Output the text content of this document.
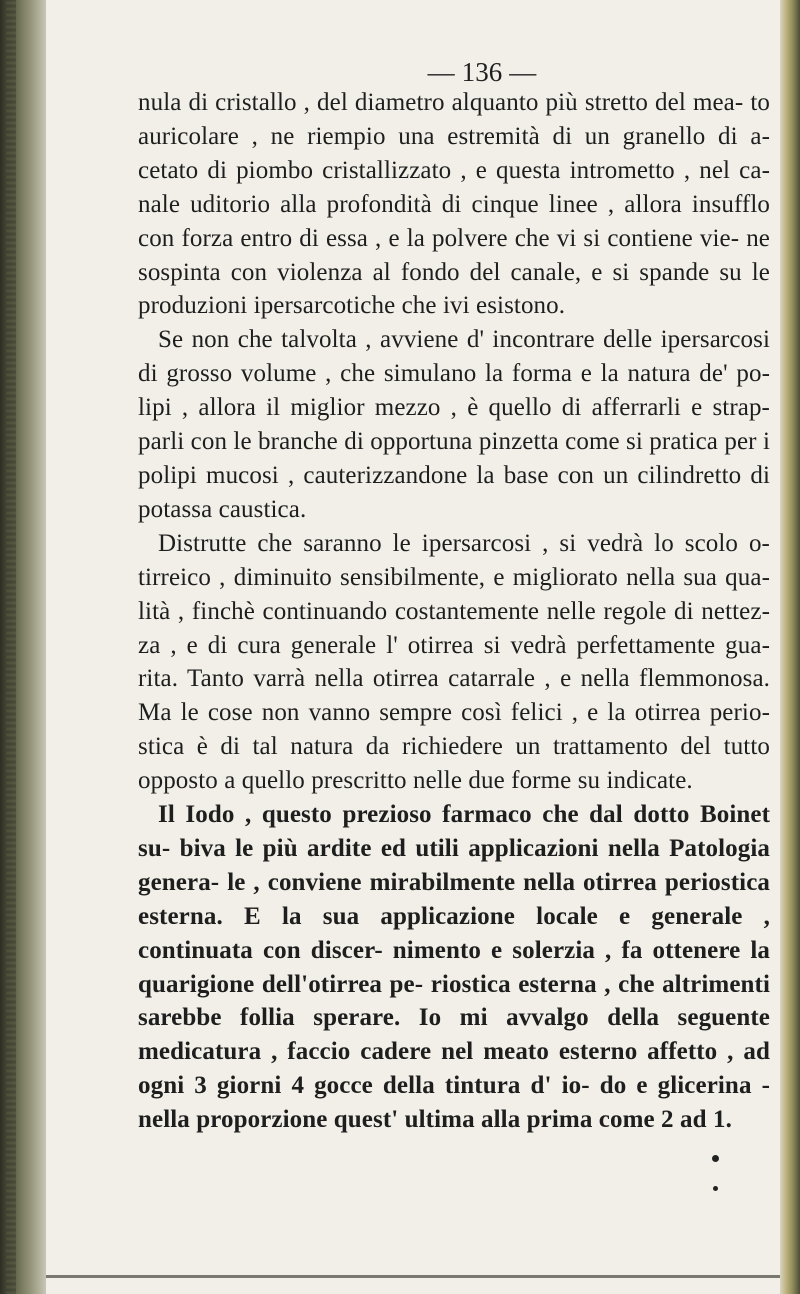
— 136 —

nula di cristallo , del diametro alquanto più stretto del mea- to auricolare , ne riempio una estremità di un granello di a- cetato di piombo cristallizzato , e questa intrometto , nel ca- nale uditorio alla profondità di cinque linee , allora insufflo con forza entro di essa , e la polvere che vi si contiene vie- ne sospinta con violenza al fondo del canale, e si spande su le produzioni ipersarcotiche che ivi esistono.

Se non che talvolta , avviene d' incontrare delle ipersarcosi di grosso volume , che simulano la forma e la natura de' po- lipi , allora il miglior mezzo , è quello di afferrarli e strap- parli con le branche di opportuna pinzetta come si pratica per i polipi mucosi , cauterizzandone la base con un cilindretto di potassa caustica.

Distrutte che saranno le ipersarcosi , si vedrà lo scolo o- tirreico , diminuito sensibilmente, e migliorato nella sua qua- lità , finchè continuando costantemente nelle regole di nettez- za , e di cura generale l' otirrea si vedrà perfettamente gua- rita. Tanto varrà nella otirrea catarrale , e nella flemmonosa. Ma le cose non vanno sempre così felici , e la otirrea perio- stica è di tal natura da richiedere un trattamento del tutto opposto a quello prescritto nelle due forme su indicate.

Il Iodo , questo prezioso farmaco che dal dotto Boinet su- biva le più ardite ed utili applicazioni nella Patologia genera- le , conviene mirabilmente nella otirrea periostica esterna. E la sua applicazione locale e generale , continuata con discer- nimento e solerzia , fa ottenere la quarigione dell'otirrea pe- riostica esterna , che altrimenti sarebbe follia sperare. Io mi avvalgo della seguente medicatura , faccio cadere nel meato esterno affetto , ad ogni 3 giorni 4 gocce della tintura d' io- do e glicerina - nella proporzione quest' ultima alla prima come 2 ad 1.
